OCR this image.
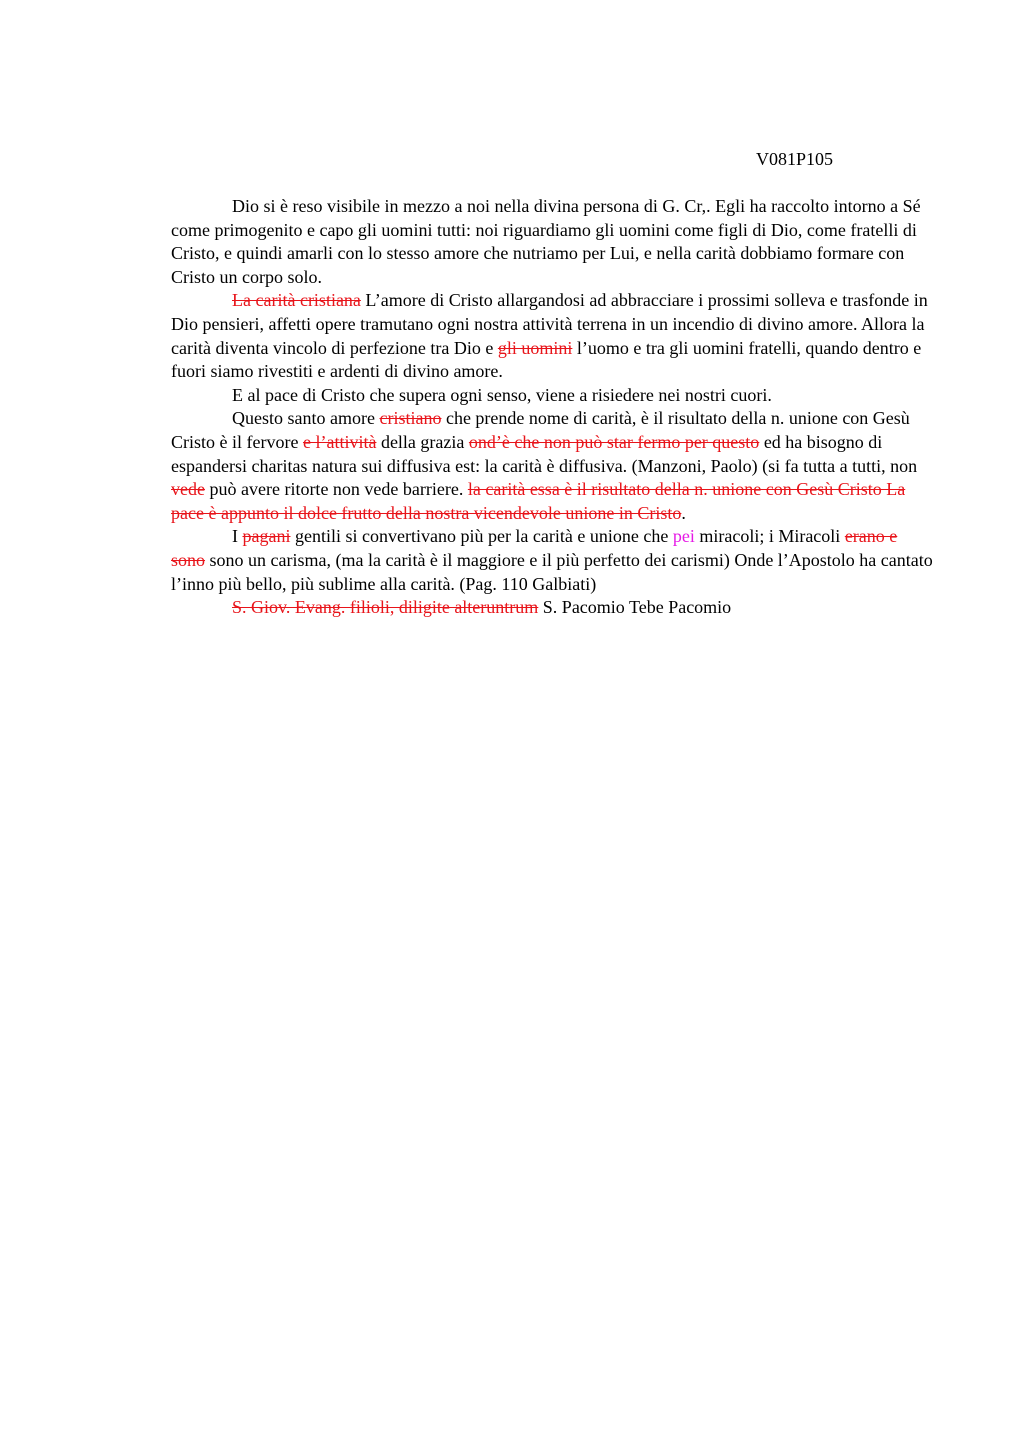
V081P105

Dio si è reso visibile in mezzo a noi nella divina persona di G. Cr,. Egli ha raccolto intorno a Sé come primogenito e capo gli uomini tutti: noi riguardiamo gli uomini come figli di Dio, come fratelli di Cristo, e quindi amarli con lo stesso amore che nutriamo per Lui, e nella carità dobbiamo formare con Cristo un corpo solo.

La carità cristiana L’amore di Cristo allargandosi ad abbracciare i prossimi solleva e trasfonde in Dio pensieri, affetti opere tramutano ogni nostra attività terrena in un incendio di divino amore. Allora la carità diventa vincolo di perfezione tra Dio e gli uomini l’uomo e tra gli uomini fratelli, quando dentro e fuori siamo rivestiti e ardenti di divino amore.

E al pace di Cristo che supera ogni senso, viene a risiedere nei nostri cuori.

Questo santo amore cristiano che prende nome di carità, è il risultato della n. unione con Gesù Cristo è il fervore e l’attività della grazia ond’è che non può star fermo per questo ed ha bisogno di espandersi charitas natura sui diffusiva est: la carità è diffusiva. (Manzoni, Paolo) (si fa tutta a tutti, non vede può avere ritorte non vede barriere. la carità essa è il risultato della n. unione con Gesù Cristo La pace è appunto il dolce frutto della nostra vicendevole unione in Cristo.

I pagani gentili si convertivano più per la carità e unione che pei miracoli; i Miracoli erano e sono sono un carisma, (ma la carità è il maggiore e il più perfetto dei carismi) Onde l’Apostolo ha cantato l’inno più bello, più sublime alla carità. (Pag. 110 Galbiati)

S. Giov. Evang. filioli, diligite alteruntrum S. Pacomio Tebe Pacomio
